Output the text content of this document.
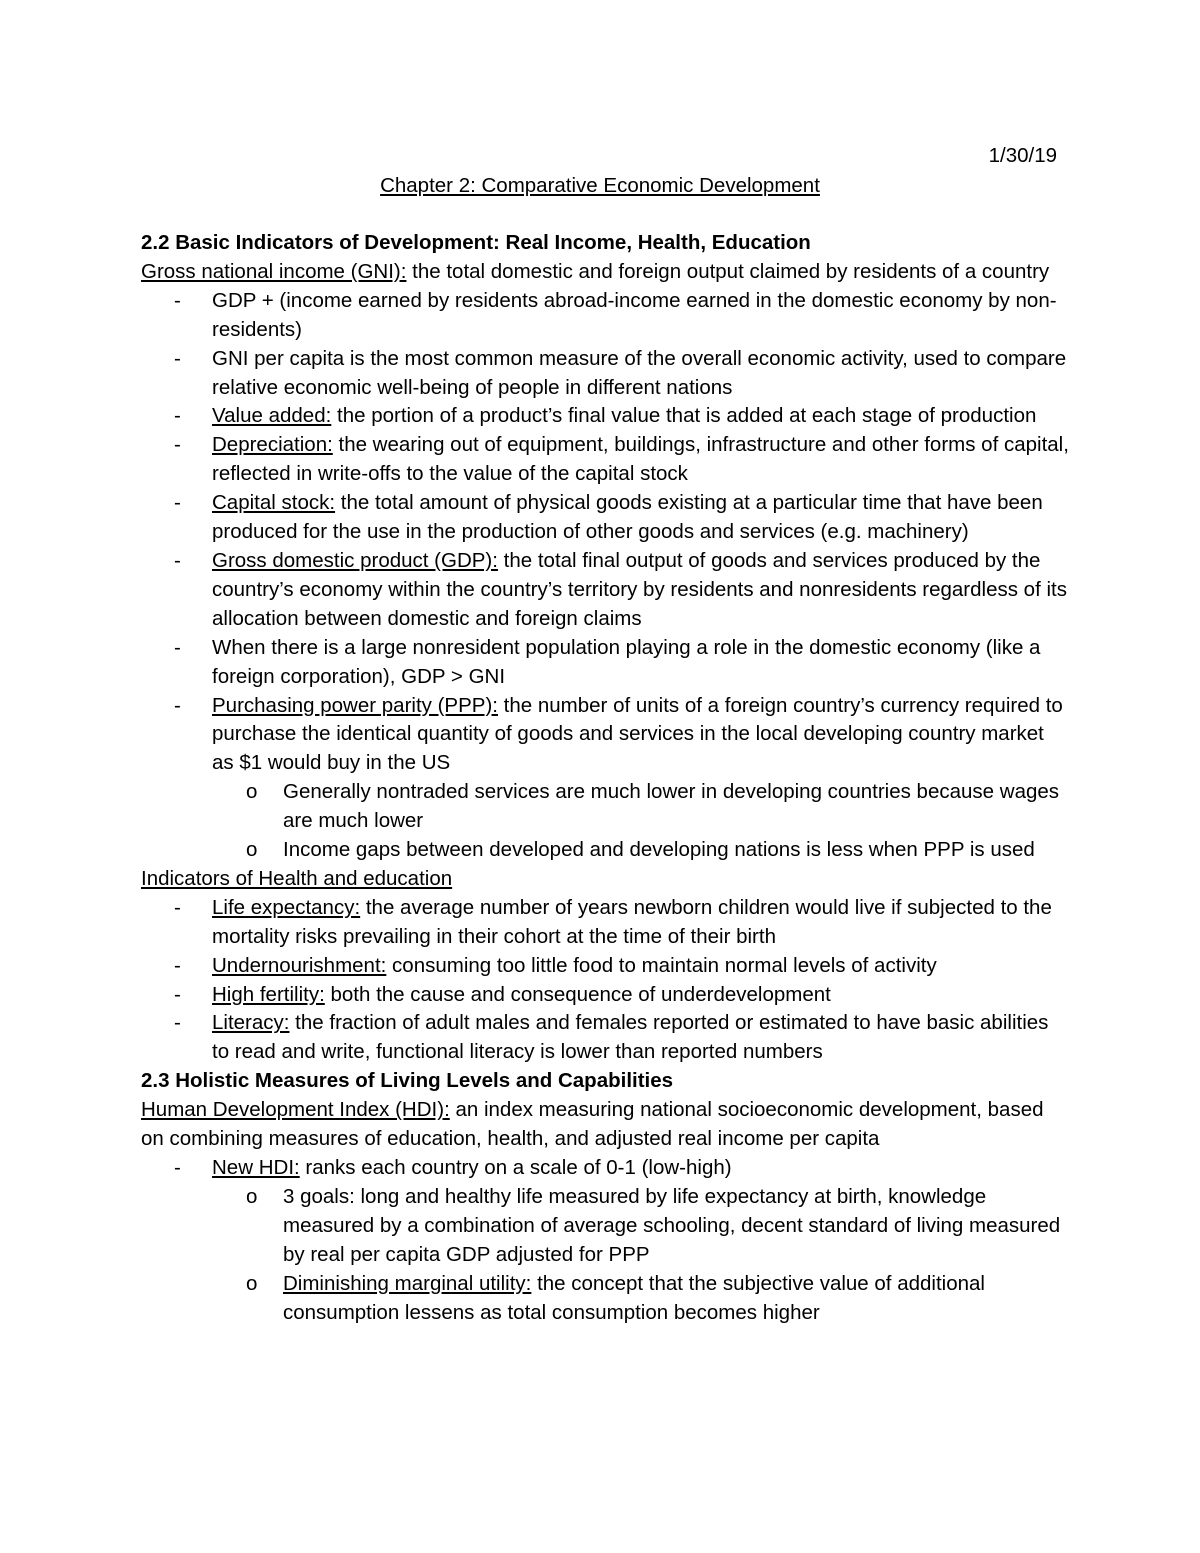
1/30/19
Chapter 2: Comparative Economic Development
2.2 Basic Indicators of Development: Real Income, Health, Education
Gross national income (GNI): the total domestic and foreign output claimed by residents of a country
- GDP + (income earned by residents abroad-income earned in the domestic economy by non-residents)
- GNI per capita is the most common measure of the overall economic activity, used to compare relative economic well-being of people in different nations
- Value added: the portion of a product’s final value that is added at each stage of production
- Depreciation: the wearing out of equipment, buildings, infrastructure and other forms of capital, reflected in write-offs to the value of the capital stock
- Capital stock: the total amount of physical goods existing at a particular time that have been produced for the use in the production of other goods and services (e.g. machinery)
- Gross domestic product (GDP): the total final output of goods and services produced by the country’s economy within the country’s territory by residents and nonresidents regardless of its allocation between domestic and foreign claims
- When there is a large nonresident population playing a role in the domestic economy (like a foreign corporation), GDP > GNI
- Purchasing power parity (PPP): the number of units of a foreign country’s currency required to purchase the identical quantity of goods and services in the local developing country market as $1 would buy in the US
o Generally nontraded services are much lower in developing countries because wages are much lower
o Income gaps between developed and developing nations is less when PPP is used
Indicators of Health and education
- Life expectancy: the average number of years newborn children would live if subjected to the mortality risks prevailing in their cohort at the time of their birth
- Undernourishment: consuming too little food to maintain normal levels of activity
- High fertility: both the cause and consequence of underdevelopment
- Literacy: the fraction of adult males and females reported or estimated to have basic abilities to read and write, functional literacy is lower than reported numbers
2.3 Holistic Measures of Living Levels and Capabilities
Human Development Index (HDI): an index measuring national socioeconomic development, based on combining measures of education, health, and adjusted real income per capita
- New HDI: ranks each country on a scale of 0-1 (low-high)
o 3 goals: long and healthy life measured by life expectancy at birth, knowledge measured by a combination of average schooling, decent standard of living measured by real per capita GDP adjusted for PPP
o Diminishing marginal utility: the concept that the subjective value of additional consumption lessens as total consumption becomes higher
